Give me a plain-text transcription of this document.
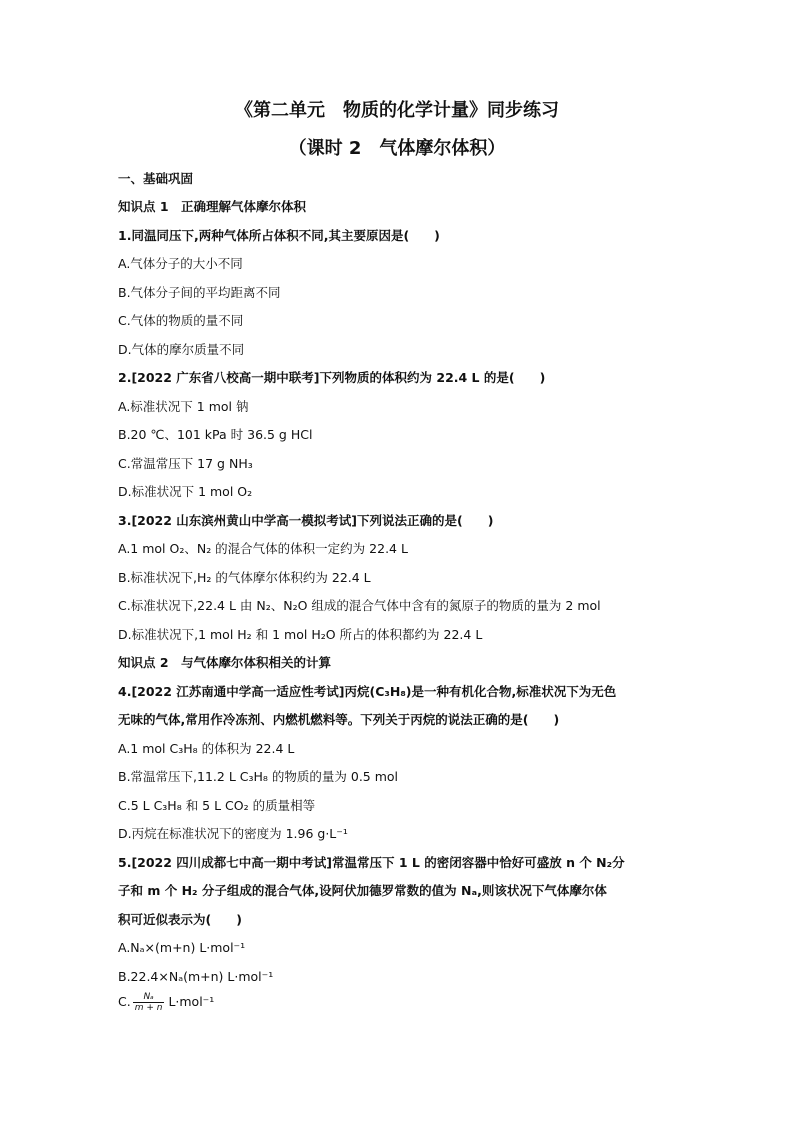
《第二单元　物质的化学计量》同步练习
（课时 2　气体摩尔体积）
一、基础巩固
知识点 1　正确理解气体摩尔体积
1.同温同压下,两种气体所占体积不同,其主要原因是(　　)
A.气体分子的大小不同
B.气体分子间的平均距离不同
C.气体的物质的量不同
D.气体的摩尔质量不同
2.[2022 广东省八校高一期中联考]下列物质的体积约为 22.4 L 的是(　　)
A.标准状况下 1 mol 钠
B.20 ℃、101 kPa 时 36.5 g HCl
C.常温常压下 17 g NH₃
D.标准状况下 1 mol O₂
3.[2022 山东滨州黄山中学高一模拟考试]下列说法正确的是(　　)
A.1 mol O₂、N₂ 的混合气体的体积一定约为 22.4 L
B.标准状况下,H₂ 的气体摩尔体积约为 22.4 L
C.标准状况下,22.4 L 由 N₂、N₂O 组成的混合气体中含有的氮原子的物质的量为 2 mol
D.标准状况下,1 mol H₂ 和 1 mol H₂O 所占的体积都约为 22.4 L
知识点 2　与气体摩尔体积相关的计算
4.[2022 江苏南通中学高一适应性考试]丙烷(C₃H₈)是一种有机化合物,标准状况下为无色
无味的气体,常用作冷冻剂、内燃机燃料等。下列关于丙烷的说法正确的是(　　)
A.1 mol C₃H₈ 的体积为 22.4 L
B.常温常压下,11.2 L C₃H₈ 的物质的量为 0.5 mol
C.5 L C₃H₈ 和 5 L CO₂ 的质量相等
D.丙烷在标准状况下的密度为 1.96 g·L⁻¹
5.[2022 四川成都七中高一期中考试]常温常压下 1 L 的密闭容器中恰好可盛放 n 个 N₂分
子和 m 个 H₂ 分子组成的混合气体,设阿伏加德罗常数的值为 Nₐ,则该状况下气体摩尔体
积可近似表示为(　　)
A.Nₐ×(m+n) L·mol⁻¹
B.22.4×Nₐ(m+n) L·mol⁻¹
C. $\frac{\text{Nₐ}}{m + n} L\cdot mol^{-1}$
